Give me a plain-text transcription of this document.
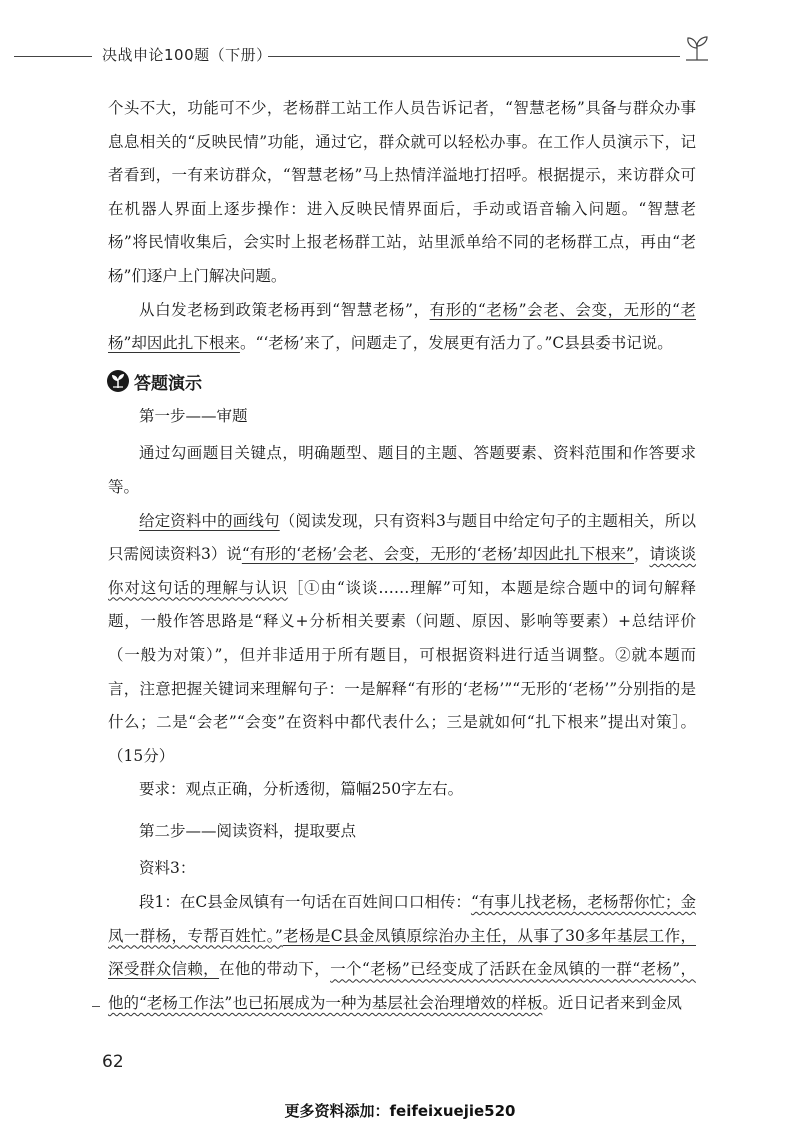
决战申论100题（下册）

个头不大，功能可不少，老杨群工站工作人员告诉记者，“智慧老杨”具备与群众办事息息相关的“反映民情”功能，通过它，群众就可以轻松办事。在工作人员演示下，记者看到，一有来访群众，“智慧老杨”马上热情洋溢地打招呼。根据提示，来访群众可在机器人界面上逐步操作：进入反映民情界面后，手动或语音输入问题。“智慧老杨”将民情收集后，会实时上报老杨群工站，站里派单给不同的老杨群工点，再由“老杨”们逐户上门解决问题。

从白发老杨到政策老杨再到“智慧老杨”，有形的“老杨”会老、会变，无形的“老杨”却因此扎下根来。“‘老杨’来了，问题走了，发展更有活力了。”C县县委书记说。

答题演示
第一步——审题

通过勾画题目关键点，明确题型、题目的主题、答题要素、资料范围和作答要求等。

给定资料中的画线句（阅读发现，只有资料3与题目中给定句子的主题相关，所以只需阅读资料3）说“有形的‘老杨’会老、会变，无形的‘老杨’却因此扎下根来”，请谈谈你对这句话的理解与认识［①由“谈谈……理解”可知，本题是综合题中的词句解释题，一般作答思路是“释义+分析相关要素（问题、原因、影响等要素）+总结评价（一般为对策）”，但并非适用于所有题目，可根据资料进行适当调整。②就本题而言，注意把握关键词来理解句子：一是解释“有形的‘老杨’”“无形的‘老杨’”分别指的是什么；二是“会老”“会变”在资料中都代表什么；三是就如何“扎下根来”提出对策］。（15分）

要求：观点正确，分析透彻，篇幅250字左右。

第二步——阅读资料，提取要点

资料3：

段1：在C县金凤镇有一句话在百姓间口口相传：“有事儿找老杨，老杨帮你忙；金凤一群杨，专帮百姓忙。”老杨是C县金凤镇原综治办主任，从事了30多年基层工作，深受群众信赖，在他的带动下，一个“老杨”已经变成了活跃在金凤镇的一群“老杨”，他的“老杨工作法”也已拓展成为一种为基层社会治理增效的样板。近日记者来到金凤

62
更多资料添加：feifeixuejie520
